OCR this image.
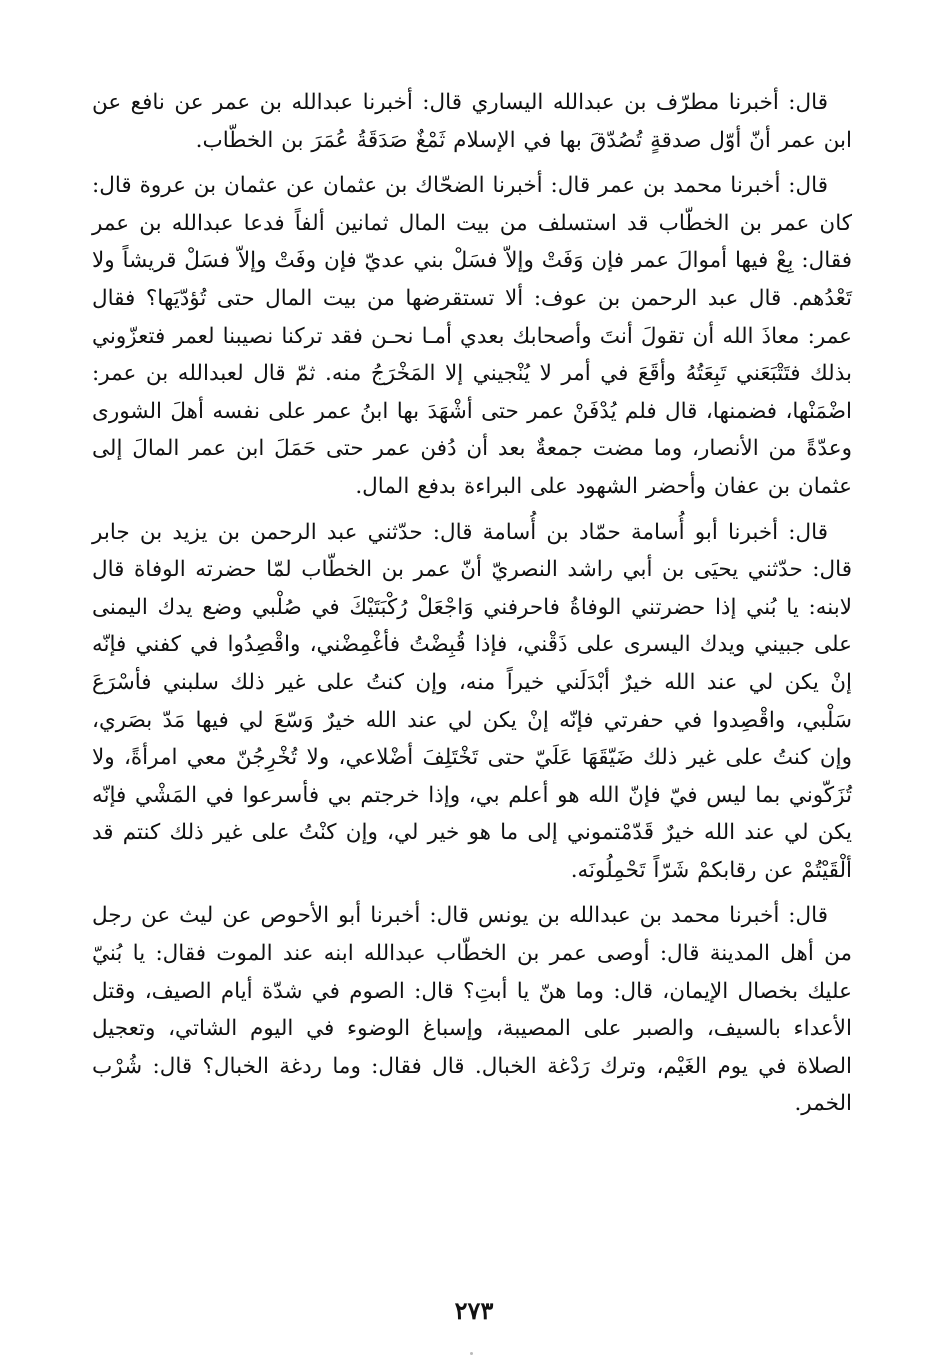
قال: أخبرنا مطرّف بن عبدالله اليساري قال: أخبرنا عبدالله بن عمر عن نافع عن ابن عمر أنّ أوّل صدقةٍ تُصُدّقَ بها في الإسلام ثَمْغٌ صَدَقَةُ عُمَرَ بن الخطّاب.

قال: أخبرنا محمد بن عمر قال: أخبرنا الضحّاك بن عثمان عن عثمان بن عروة قال: كان عمر بن الخطّاب قد استسلف من بيت المال ثمانين ألفاً فدعا عبدالله بن عمر فقال: بِعْ فيها أموالَ عمر فإن وَفَتْ وإلاّ فسَلْ بني عديّ فإن وفَتْ وإلاّ فسَلْ قريشاً ولا تَعْدُهم. قال عبد الرحمن بن عوف: ألا تستقرضها من بيت المال حتى تُؤدّيَها؟ فقال عمر: معاذَ الله أن تقولَ أنتَ وأصحابك بعدي أمـا نحـن فقد تركنا نصيبنا لعمر فتعزّوني بذلك فتَتْبَعَني تَبِعَتُهُ وأقَعَ في أمر لا يُنْجيني إلا المَخْرَجُ منه. ثمّ قال لعبدالله بن عمر: اضْمَنْها، فضمنها، قال فلم يُدْفَنْ عمر حتى أشْهَدَ بها ابنُ عمر على نفسه أهلَ الشورى وعدّةً من الأنصار، وما مضت جمعةٌ بعد أن دُفن عمر حتى حَمَلَ ابن عمر المالَ إلى عثمان بن عفان وأحضر الشهود على البراءة بدفع المال.

قال: أخبرنا أبو أُسامة حمّاد بن أُسامة قال: حدّثني عبد الرحمن بن يزيد بن جابر قال: حدّثني يحيَى بن أبي راشد النصريّ أنّ عمر بن الخطّاب لمّا حضرته الوفاة قال لابنه: يا بُني إذا حضرتني الوفاةُ فاحرفني وَاجْعَلْ رُكْبَتَيْكَ في صُلْبي وضع يدك اليمنى على جبيني ويدك اليسرى على ذَقْني، فإذا قُبِضْتُ فأغْمِضْني، واقْصِدُوا في كفني فإنّه إنْ يكن لي عند الله خيرٌ أبْدَلَني خيراً منه، وإن كنتُ على غير ذلك سلبني فأسْرَعَ سَلْبي، واقْصِدوا في حفرتي فإنّه إنْ يكن لي عند الله خيرٌ وَسّعَ لي فيها مَدّ بصَري، وإن كنتُ على غير ذلك ضَيّقَهَا عَلَيّ حتى تَخْتَلِفَ أضْلاعي، ولا تُخْرِجُنّ معي امرأةً، ولا تُزَكّوني بما ليس فيّ فإنّ الله هو أعلم بي، وإذا خرجتم بي فأسرعوا في المَشْي فإنّه يكن لي عند الله خيرٌ قَدّمْتموني إلى ما هو خير لي، وإن كنْتُ على غير ذلك كنتم قد ألْقَيْتُمْ عن رقابكمْ شَرّاً تَحْمِلُونَه.

قال: أخبرنا محمد بن عبدالله بن يونس قال: أخبرنا أبو الأحوص عن ليث عن رجل من أهل المدينة قال: أوصى عمر بن الخطّاب عبدالله ابنه عند الموت فقال: يا بُنيّ عليك بخصال الإيمان، قال: وما هنّ يا أبتِ؟ قال: الصوم في شدّة أيام الصيف، وقتل الأعداء بالسيف، والصبر على المصيبة، وإسباغ الوضوء في اليوم الشاتي، وتعجيل الصلاة في يوم الغَيْم، وترك رَدْغة الخبال. قال فقال: وما ردغة الخبال؟ قال: شُرْب الخمر.

٢٧٣
